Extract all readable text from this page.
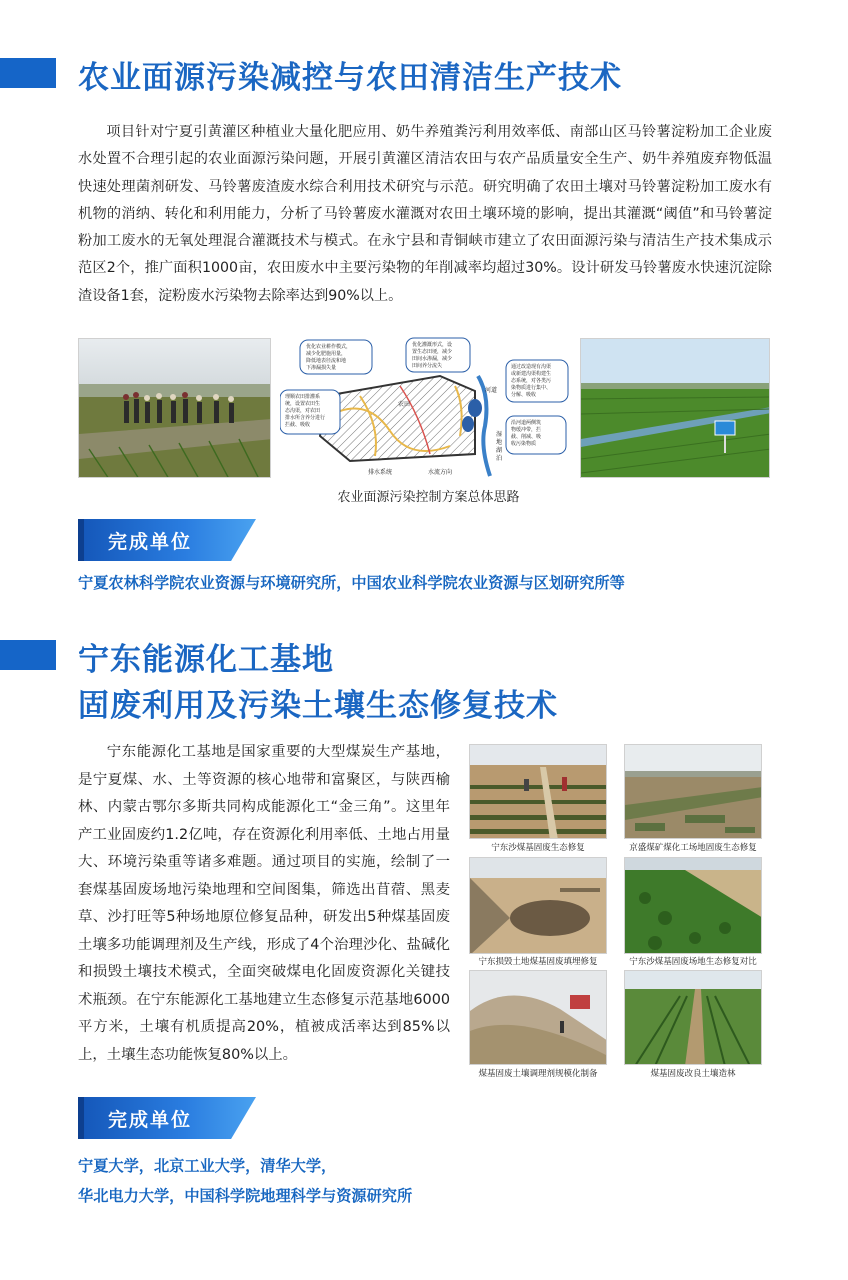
农业面源污染减控与农田清洁生产技术
项目针对宁夏引黄灌区种植业大量化肥应用、奶牛养殖粪污利用效率低、南部山区马铃薯淀粉加工企业废水处置不合理引起的农业面源污染问题，开展引黄灌区清洁农田与农产品质量安全生产、奶牛养殖废弃物低温快速处理菌剂研发、马铃薯废渣废水综合利用技术研究与示范。研究明确了农田土壤对马铃薯淀粉加工废水有机物的消纳、转化和利用能力，分析了马铃薯废水灌溉对农田土壤环境的影响，提出其灌溉“阈值”和马铃薯淀粉加工废水的无氧处理混合灌溉技术与模式。在永宁县和青铜峡市建立了农田面源污染与清洁生产技术集成示范区2个，推广面积1000亩，农田废水中主要污染物的年削减率均超过30%。设计研发马铃薯废水快速沉淀除渣设备1套，淀粉废水污染物去除率达到90%以上。
优化农业耕作模式，
减少化肥施用量，
降低地表径流和地
下渗漏损失量
优化灌溉形式，设
置生态田埂，减少
田间水渗漏，减少
田间养分流失	通过改造现有沟渠
或新建沟渠构建生
态系统，对各类污
染物质进行集中、
分解、吸收
理顺农田排灌系
统，设置农田生
态沟渠，对农田
排水所含养分进行
拦截、吸收	沿河道两侧筑
物缓冲带，拦
截、削减、吸
收污染物质
农田
河道
湿
地
湖
泊
排水系统	水流方向
农业面源污染控制方案总体思路
完成单位
宁夏农林科学院农业资源与环境研究所，中国农业科学院农业资源与区划研究所等
宁东能源化工基地
固废利用及污染土壤生态修复技术
宁东能源化工基地是国家重要的大型煤炭生产基地，是宁夏煤、水、土等资源的核心地带和富聚区，与陕西榆林、内蒙古鄂尔多斯共同构成能源化工“金三角”。这里年产工业固废约1.2亿吨，存在资源化利用率低、土地占用量大、环境污染重等诸多难题。通过项目的实施，绘制了一套煤基固废场地污染地理和空间图集，筛选出苜蓿、黑麦草、沙打旺等5种场地原位修复品种，研发出5种煤基固废土壤多功能调理剂及生产线，形成了4个治理沙化、盐碱化和损毁土壤技术模式，全面突破煤电化固废资源化关键技术瓶颈。在宁东能源化工基地建立生态修复示范基地6000平方米，土壤有机质提高20%，植被成活率达到85%以上，土壤生态功能恢复80%以上。
宁东沙煤基固废生态修复	京盛煤矿煤化工场地固废生态修复
宁东损毁土地煤基固废填埋修复	宁东沙煤基固废场地生态修复对比
煤基固废土壤调理剂规模化制备	煤基固废改良土壤造林
完成单位
宁夏大学，北京工业大学，清华大学，
华北电力大学，中国科学院地理科学与资源研究所
